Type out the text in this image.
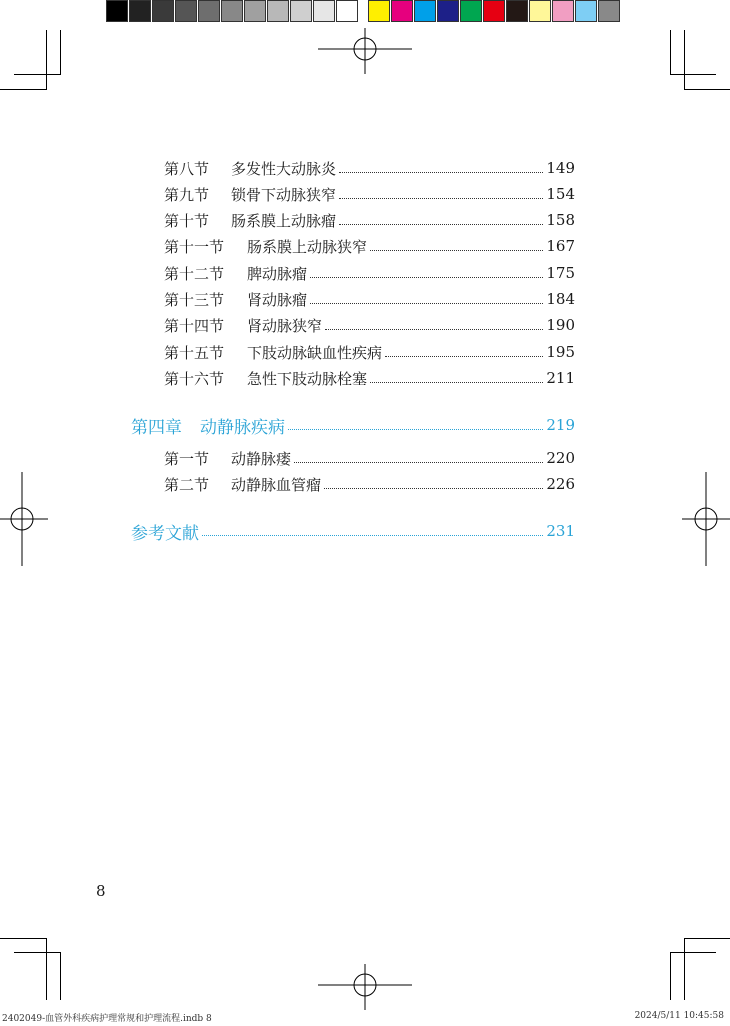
第八节	多发性大动脉炎	149
第九节	锁骨下动脉狭窄	154
第十节	肠系膜上动脉瘤	158
第十一节	肠系膜上动脉狭窄	167
第十二节	脾动脉瘤	175
第十三节	肾动脉瘤	184
第十四节	肾动脉狭窄	190
第十五节	下肢动脉缺血性疾病	195
第十六节	急性下肢动脉栓塞	211
第四章 动静脉疾病	219
第一节	动静脉瘘	220
第二节	动静脉血管瘤	226
参考文献	231
8
2402049-血管外科疾病护理常规和护理流程.indb 8	2024/5/11 10:45:58
